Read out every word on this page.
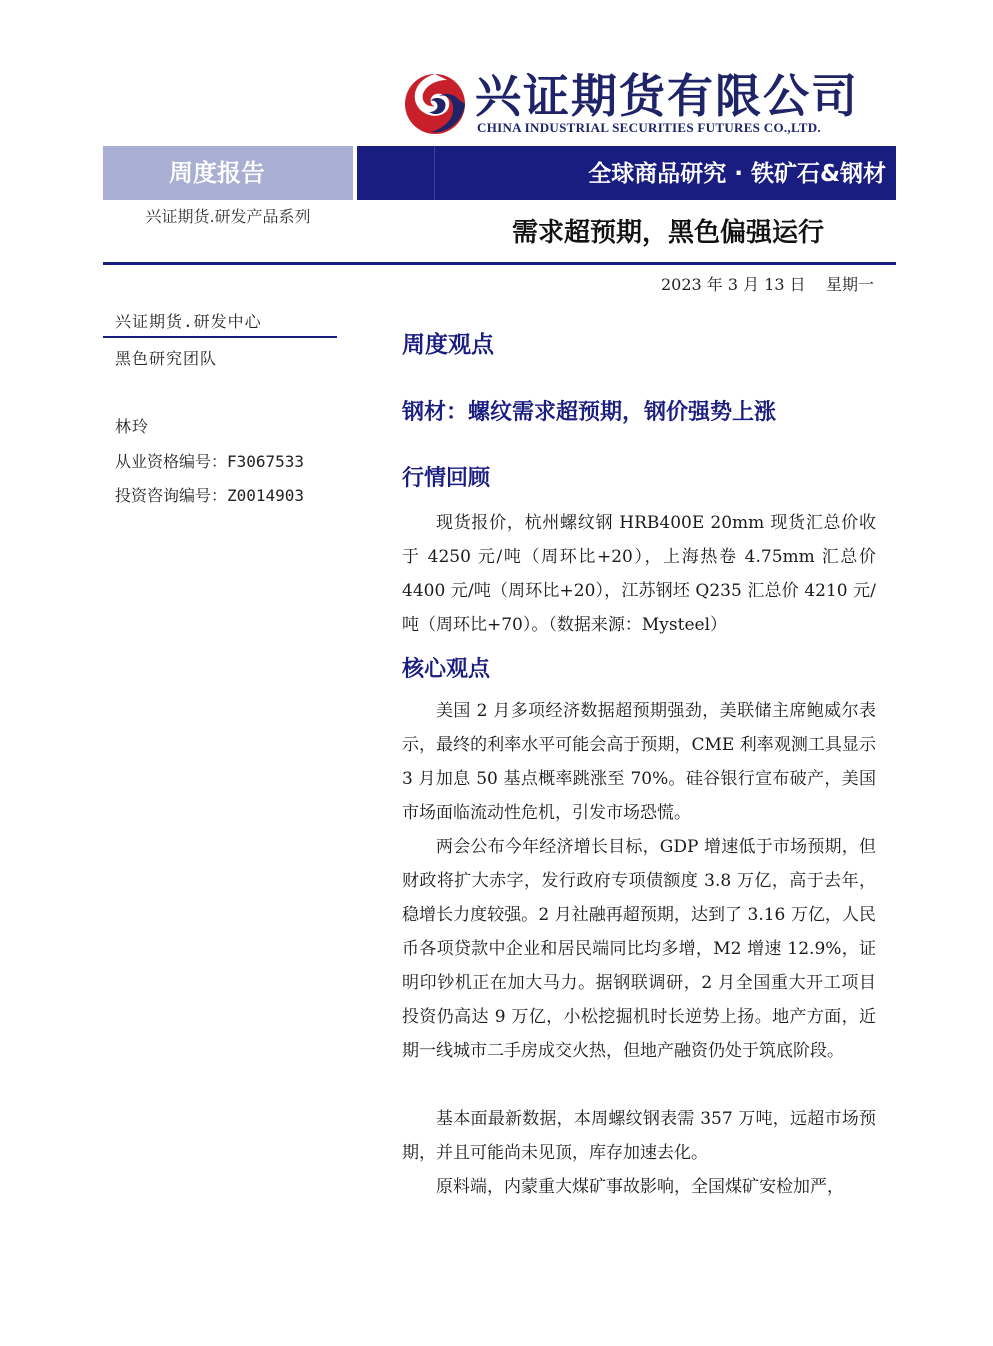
兴证期货有限公司
CHINA INDUSTRIAL SECURITIES FUTURES CO.,LTD.
周度报告	全球商品研究 · 铁矿石&钢材
兴证期货.研发产品系列
需求超预期，黑色偏强运行
2023 年 3 月 13 日    星期一
兴证期货.研发中心
黑色研究团队
林玲
从业资格编号：F3067533
投资咨询编号：Z0014903
周度观点
钢材：螺纹需求超预期，钢价强势上涨
行情回顾
现货报价，杭州螺纹钢 HRB400E 20mm 现货汇总价收于 4250 元/吨（周环比+20），上海热卷 4.75mm 汇总价 4400 元/吨（周环比+20），江苏钢坯 Q235 汇总价 4210 元/吨（周环比+70）。（数据来源：Mysteel）
核心观点
美国 2 月多项经济数据超预期强劲，美联储主席鲍威尔表示，最终的利率水平可能会高于预期，CME 利率观测工具显示 3 月加息 50 基点概率跳涨至 70%。硅谷银行宣布破产，美国市场面临流动性危机，引发市场恐慌。
两会公布今年经济增长目标，GDP 增速低于市场预期，但财政将扩大赤字，发行政府专项债额度 3.8 万亿，高于去年，稳增长力度较强。2 月社融再超预期，达到了 3.16 万亿，人民币各项贷款中企业和居民端同比均多增，M2 增速 12.9%，证明印钞机正在加大马力。据钢联调研，2 月全国重大开工项目投资仍高达 9 万亿，小松挖掘机时长逆势上扬。地产方面，近期一线城市二手房成交火热，但地产融资仍处于筑底阶段。
基本面最新数据，本周螺纹钢表需 357 万吨，远超市场预期，并且可能尚未见顶，库存加速去化。
原料端，内蒙重大煤矿事故影响，全国煤矿安检加严，
